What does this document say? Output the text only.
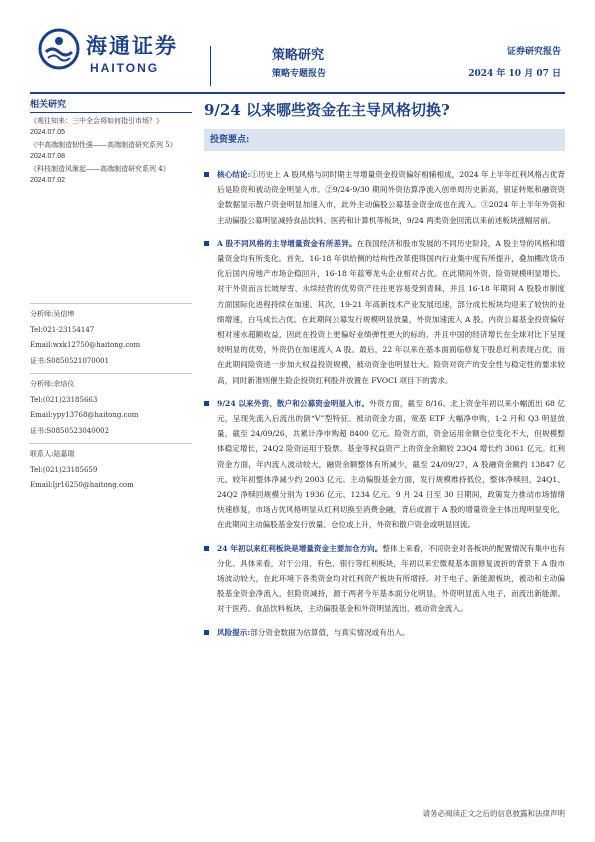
海通证券
HAITONG
策略研究
策略专题报告
证券研究报告
2024 年 10 月 07 日
相关研究
《观往知来：三中全会将如何指引市场？》2024.07.05
《中高端制造韧性强——高端制造研究系列 5》2024.07.08
《科技制造风渐起——高端制造研究系列 4》2024.07.02
分析师:吴信坤
Tel:021-23154147
Email:wxk12750@haitong.com
证书:S0850521070001
分析师:余培仪
Tel:(021)23185663
Email:ypy13768@haitong.com
证书:S0850523040002
联系人:陆嘉瑞
Tel:(021)23185659
Email:ljr16250@haitong.com
9/24 以来哪些资金在主导风格切换?
投资要点:
核心结论:①历史上 A 股风格与同时期主导增量资金投资偏好相辅相成，2024 年上半年红利风格占优背后是险资和被动资金明显入市。②9/24-9/30 期间外资估算净流入创单周历史新高，银证转账和融资资金数据显示散户资金明显加速入市，此外主动偏股公募基金资金成也在流入。③2024 年上半年外资和主动偏股公募明显减持食品饮料、医药和计算机等板块，9/24 两类资金回流以来前述板块涨幅居前。
A 股不同风格的主导增量资金有所差异。在我国经济和股市发展的不同历史阶段，A 股主导的风格和增量资金均有所变化。首先，16-18 年供给侧的结构性改革使得国内行业集中度有所提升，叠加棚改货币化后国内房地产市场企稳回升，16-18 年蓝筹龙头企业相对占优。在此期间外资、险资规模明显增长。对于外资而言长坡厚雪、永续经营的优势资产往往更容易受到青睐，并且 16-18 年期间 A 股股市制度方面国际化进程持续在加速。其次，19-21 年高新技术产业发展迅速，部分成长板块均迎来了较快的业绩增速，白马成长占优。在此期间公募发行规模明显放量，外资加速流入 A 股。内资公募基金投资偏好相对速水超额收益，因此在投资上更偏好业绩弹性更大的标的，并且中国的经济增长在全球对比下呈现较明显的优势，外资仍在加速流入 A 股。最后，22 年以来在基本面面临修复下股息红利表现占优，而在此期间险资进一步加大权益投资规模，被动资金也明显壮大。险资对资产的安全性与稳定性的要求较高，同时新准则催生险企投资红利股并放置在 FVOCI 项目下的需求。
9/24 以来外资、散户和公募资金明显入市。外资方面，截至 8/16、北上资金年初以来小幅流出 68 亿元，呈现先流入后流出的倒“V”型特征。被动资金方面，宽基 ETF 大幅净申购，1-2 月和 Q3 明显放量，截至 24/09/26，共累计净申购超 8400 亿元。险资方面，资金运用余额仓位变化不大，但规模整体稳定增长，24Q2 险资运用于股票、基金等权益资产上的资金余额较 23Q4 增长约 3061 亿元。红利资金方面，年内流入波动较大，融资余额整体有所减少，截至 24/09/27，A 股融资余额约 13847 亿元，较年初整体净减少约 2003 亿元。主动偏股基金方面，发行规模维持低位，整体净赎回，24Q1、24Q2 净赎回规模分别为 1936 亿元、1234 亿元。9 月 24 日至 30 日期间，政策发力推动市场情绪快速修复，市场占优风格明显从红利切换至消费金融，背后或源于 A 股的增量资金主体出现明显变化，在此期间主动偏股基金发行放量、仓位或上升，外资和散户资金或明显回流。
24 年初以来红利板块是增量资金主要加仓方向。整体上来看，不同资金对各板块的配置情况有集中也有分化。具体来看，对于公用、有色、银行等红利板块，年初以来宏微观基本面修复波折的背景下 A 股市场波动较大，在此环境下各类资金均对红利资产板块有所增持。对于电子、新能源板块，被动和主动偏股基金资金净流入，但险资减持，源于两者今年基本面分化明显，外资明显流入电子，而流出新能源。对于医药、食品饮料板块，主动偏股基金和外资明显流出，被动资金流入。
风险提示:部分资金数据为估算值，与真实情况或有出入。
请务必阅读正文之后的信息披露和法律声明
